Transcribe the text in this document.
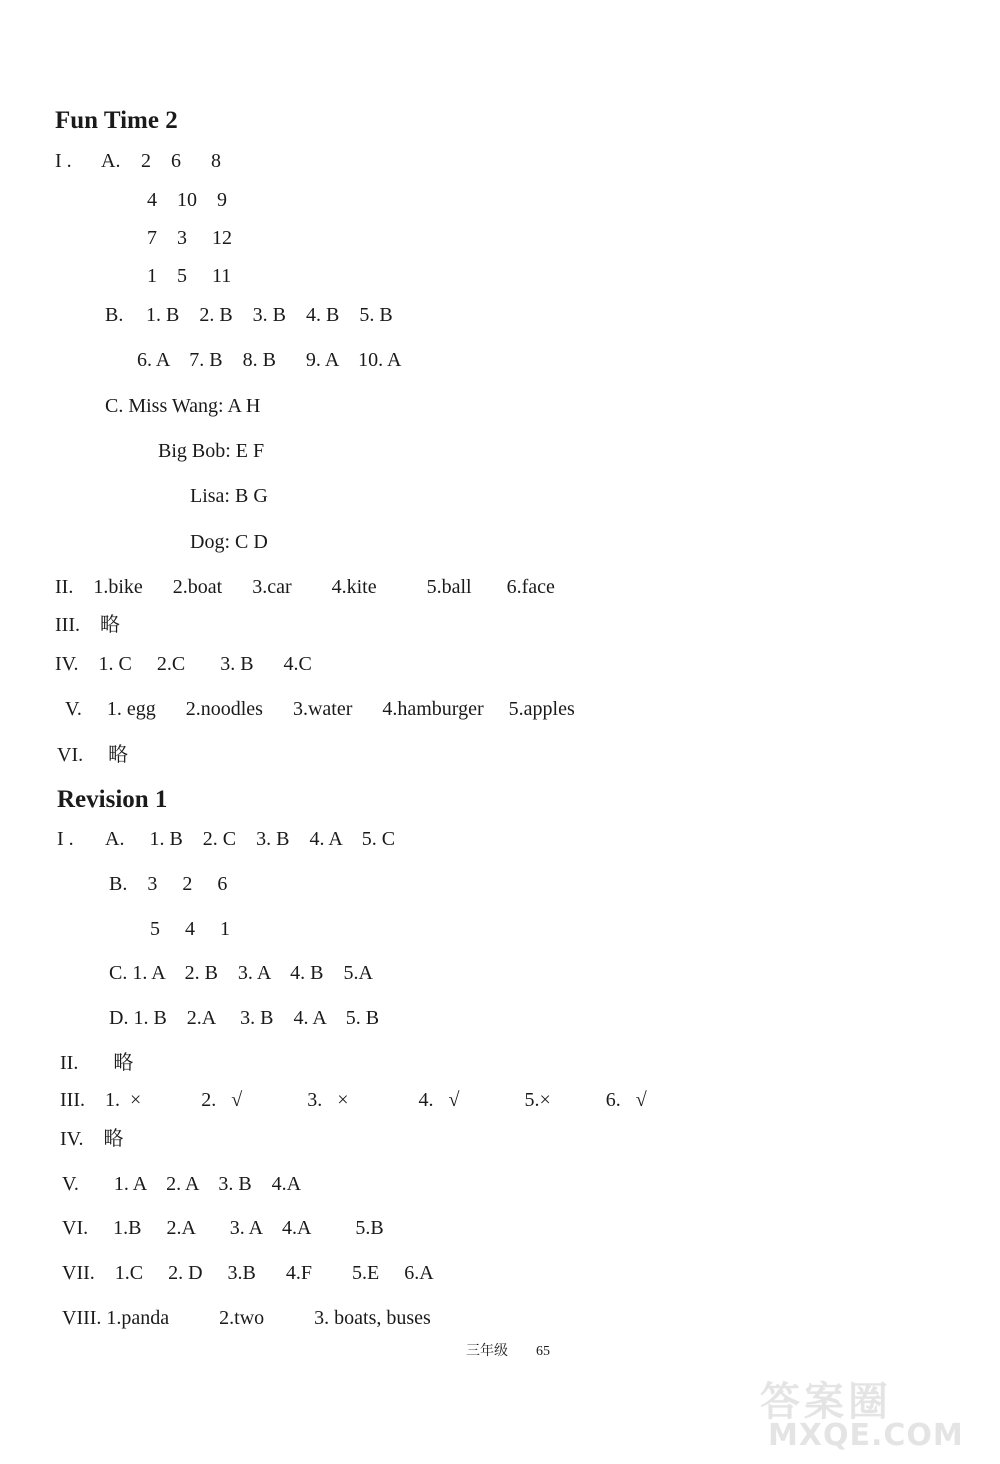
Fun Time 2
I . A. 2    6      8
4    10    9
7    3     12
1    5     11
B. 1. B    2. B    3. B    4. B    5. B
6. A    7. B    8. B      9. A    10. A
C. Miss Wang: A H
Big Bob: E F
Lisa: B G
Dog: C D
II.    1.bike      2.boat      3.car        4.kite          5.ball       6.face
III.    略
IV.    1. C     2.C       3. B      4.C
V.     1. egg      2.noodles      3.water      4.hamburger     5.apples
VI.     略
Revision 1
I . A.     1. B    2. C    3. B    4. A    5. C
B.    3     2     6
5     4     1
C. 1. A    2. B    3. A    4. B    5.A
D. 1. B    2.A     3. B    4. A    5. B
II.       略
III.    1.  ×            2.   √             3.   ×              4.   √             5.×           6.   √
IV.    略
V.       1. A    2. A    3. B    4.A
VI.     1.B     2.A       3. A    4.A         5.B
VII.    1.C     2. D     3.B      4.F        5.E     6.A
VIII. 1.panda          2.two          3. boats, buses
三年级 65
答案圈
MXQE.COM
